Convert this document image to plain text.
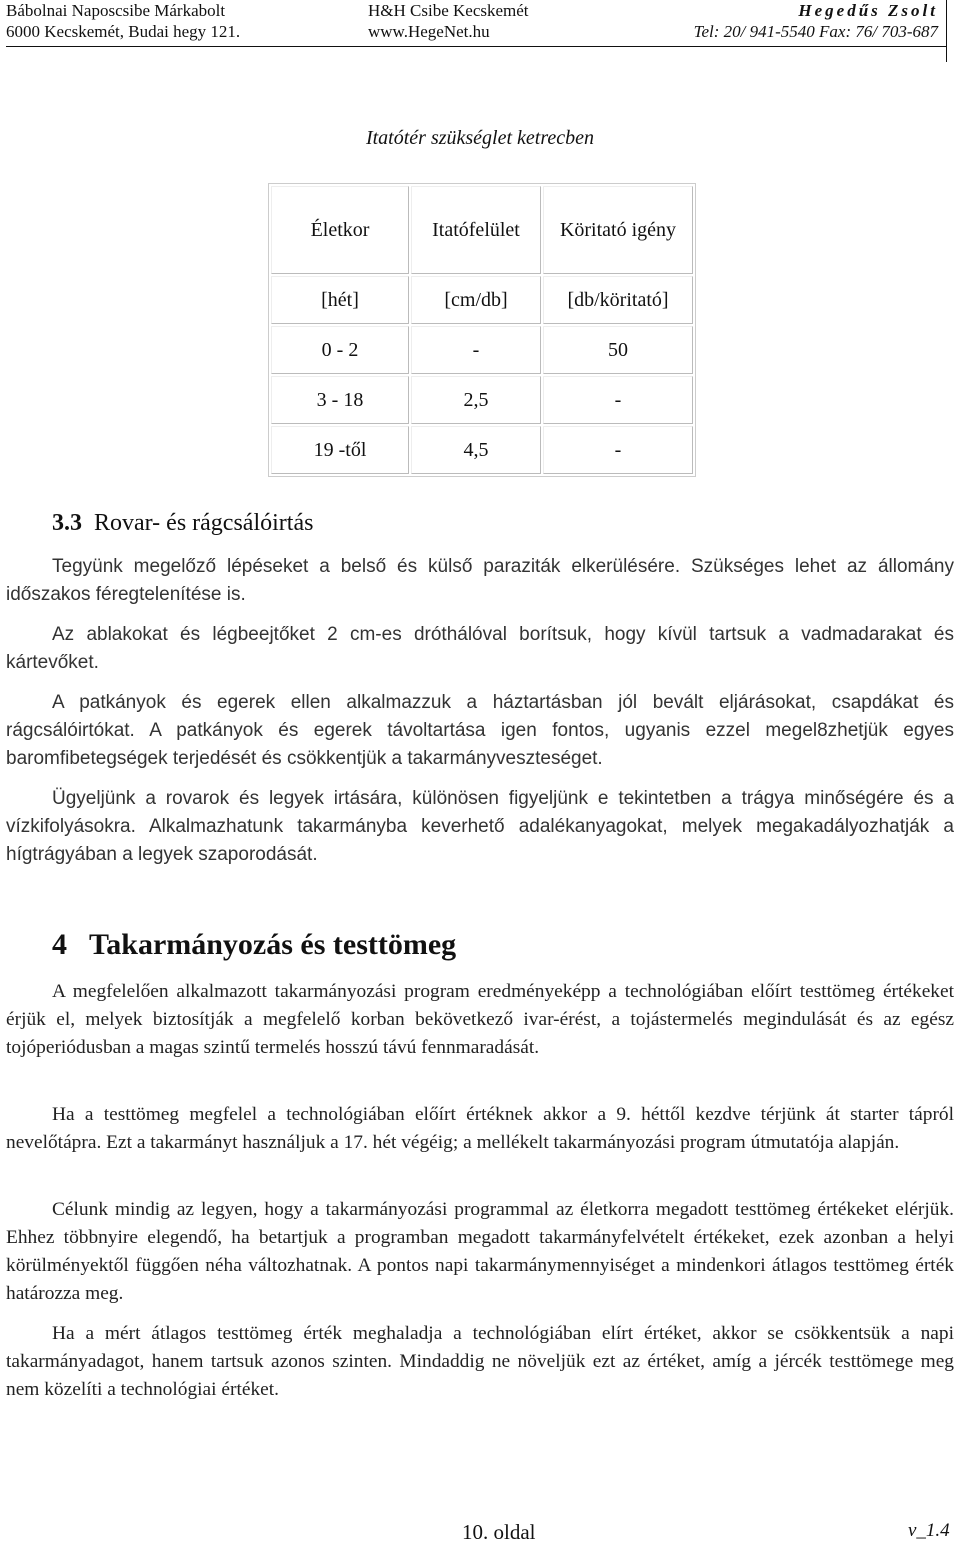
Bábolnai Naposcsibe Márkabolt	H&H Csibe Kecskemét	Hegedűs Zsolt
6000 Kecskemét, Budai hegy 121.	www.HegeNet.hu	Tel: 20/ 941-5540 Fax: 76/ 703-687
Itatótér szükséglet ketrecben
Életkor	Itatófelület	Köritató igény
[hét]	[cm/db]	[db/köritató]
0 - 2	-	50
3 - 18	2,5	-
19 -től	4,5	-
3.3 Rovar- és rágcsálóirtás
Tegyünk megelőző lépéseket a belső és külső paraziták elkerülésére. Szükséges lehet az állomány időszakos féregtelenítése is.
Az ablakokat és légbeejtőket 2 cm-es dróthálóval borítsuk, hogy kívül tartsuk a vadmadarakat és kártevőket.
A patkányok és egerek ellen alkalmazzuk a háztartásban jól bevált eljárásokat, csapdákat és rágcsálóirtókat. A patkányok és egerek távoltartása igen fontos, ugyanis ezzel megel8zhetjük egyes baromfibetegségek terjedését és csökkentjük a takarmányveszteséget.
Ügyeljünk a rovarok és legyek irtására, különösen figyeljünk e tekintetben a trágya minőségére és a vízkifolyásokra. Alkalmazhatunk takarmányba keverhető adalékanyagokat, melyek megakadályozhatják a hígtrágyában a legyek szaporodását.
4 Takarmányozás és testtömeg
A megfelelően alkalmazott takarmányozási program eredményeképp a technológiában előírt testtömeg értékeket érjük el, melyek biztosítják a megfelelő korban bekövetkező ivar-érést, a tojástermelés megindulását és az egész tojóperiódusban a magas szintű termelés hosszú távú fennmaradását.
Ha a testtömeg megfelel a technológiában előírt értéknek akkor a 9. héttől kezdve térjünk át starter tápról nevelőtápra. Ezt a takarmányt használjuk a 17. hét végéig; a mellékelt takarmányozási program útmutatója alapján.
Célunk mindig az legyen, hogy a takarmányozási programmal az életkorra megadott testtömeg értékeket elérjük. Ehhez többnyire elegendő, ha betartjuk a programban megadott takarmányfelvételt értékeket, ezek azonban a helyi körülményektől függően néha változhatnak. A pontos napi takarmánymennyiséget a mindenkori átlagos testtömeg érték határozza meg.
Ha a mért átlagos testtömeg érték meghaladja a technológiában elírt értéket, akkor se csökkentsük a napi takarmányadagot, hanem tartsuk azonos szinten. Mindaddig ne növeljük ezt az értéket, amíg a jércék testtömege meg nem közelíti a technológiai értéket.
10. oldal	v_1.4
